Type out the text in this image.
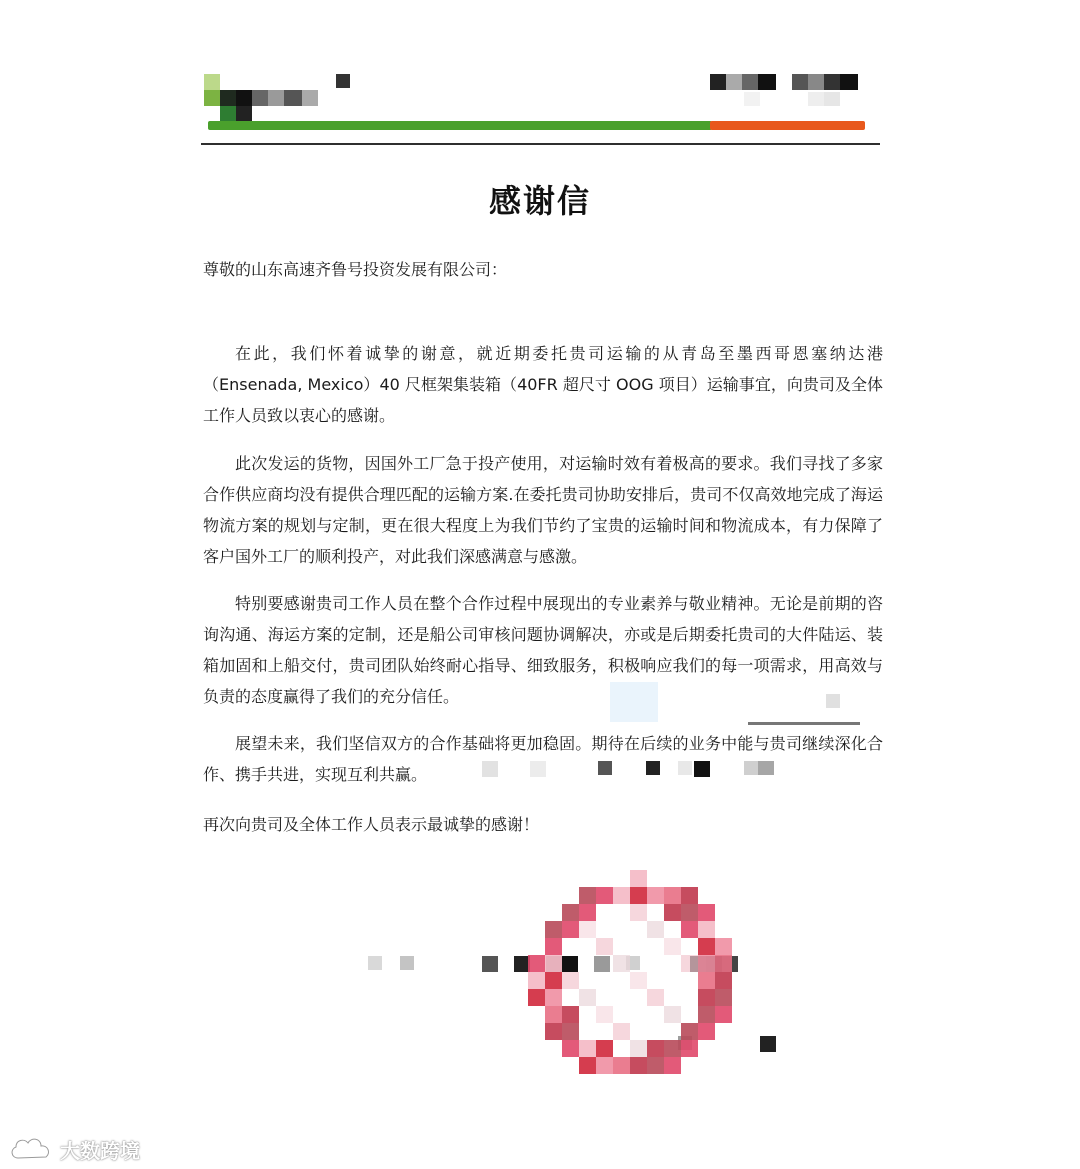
感谢信
尊敬的山东高速齐鲁号投资发展有限公司：

在此，我们怀着诚挚的谢意，就近期委托贵司运输的从青岛至墨西哥恩塞纳达港（Ensenada, Mexico）40 尺框架集装箱（40FR 超尺寸 OOG 项目）运输事宜，向贵司及全体工作人员致以衷心的感谢。

此次发运的货物，因国外工厂急于投产使用，对运输时效有着极高的要求。我们寻找了多家合作供应商均没有提供合理匹配的运输方案.在委托贵司协助安排后，贵司不仅高效地完成了海运物流方案的规划与定制，更在很大程度上为我们节约了宝贵的运输时间和物流成本，有力保障了客户国外工厂的顺利投产，对此我们深感满意与感激。

特别要感谢贵司工作人员在整个合作过程中展现出的专业素养与敬业精神。无论是前期的咨询沟通、海运方案的定制，还是船公司审核问题协调解决，亦或是后期委托贵司的大件陆运、装箱加固和上船交付，贵司团队始终耐心指导、细致服务，积极响应我们的每一项需求，用高效与负责的态度赢得了我们的充分信任。

展望未来，我们坚信双方的合作基础将更加稳固。期待在后续的业务中能与贵司继续深化合作、携手共进，实现互利共赢。

再次向贵司及全体工作人员表示最诚挚的感谢！
大数跨境
